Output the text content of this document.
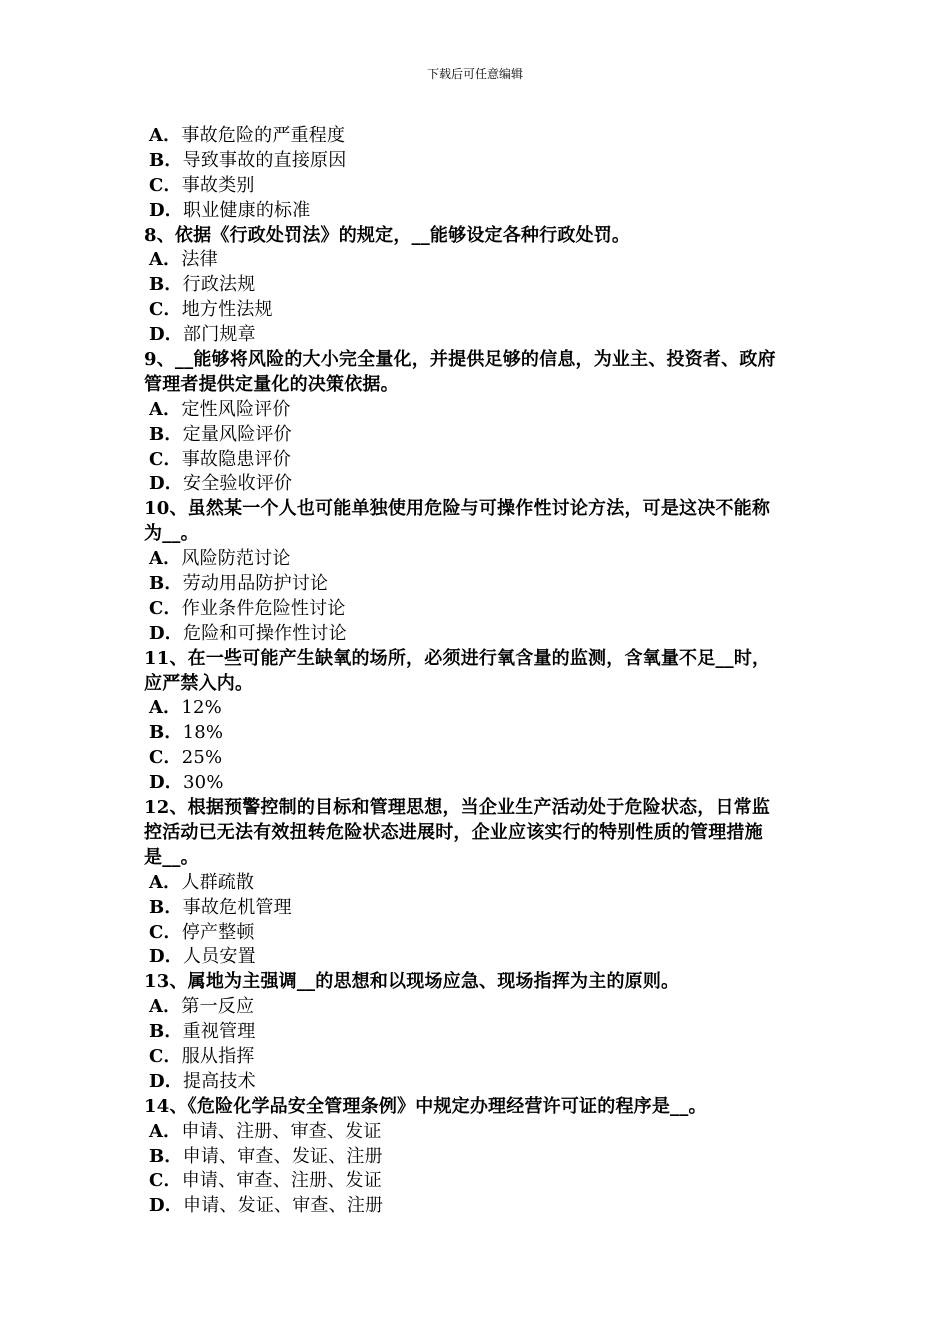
下载后可任意编辑
A．事故危险的严重程度
B．导致事故的直接原因
C．事故类别
D．职业健康的标准
8、依据《行政处罚法》的规定，__能够设定各种行政处罚。
A．法律
B．行政法规
C．地方性法规
D．部门规章
9、__能够将风险的大小完全量化，并提供足够的信息，为业主、投资者、政府
管理者提供定量化的决策依据。
A．定性风险评价
B．定量风险评价
C．事故隐患评价
D．安全验收评价
10、虽然某一个人也可能单独使用危险与可操作性讨论方法，可是这决不能称
为__。
A．风险防范讨论
B．劳动用品防护讨论
C．作业条件危险性讨论
D．危险和可操作性讨论
11、在一些可能产生缺氧的场所，必须进行氧含量的监测，含氧量不足__时，
应严禁入内。
A．12%
B．18%
C．25%
D．30%
12、根据预警控制的目标和管理思想，当企业生产活动处于危险状态，日常监
控活动已无法有效扭转危险状态进展时，企业应该实行的特别性质的管理措施
是__。
A．人群疏散
B．事故危机管理
C．停产整顿
D．人员安置
13、属地为主强调__的思想和以现场应急、现场指挥为主的原则。
A．第一反应
B．重视管理
C．服从指挥
D．提高技术
14、《危险化学品安全管理条例》中规定办理经营许可证的程序是__。
A．申请、注册、审查、发证
B．申请、审查、发证、注册
C．申请、审查、注册、发证
D．申请、发证、审查、注册
